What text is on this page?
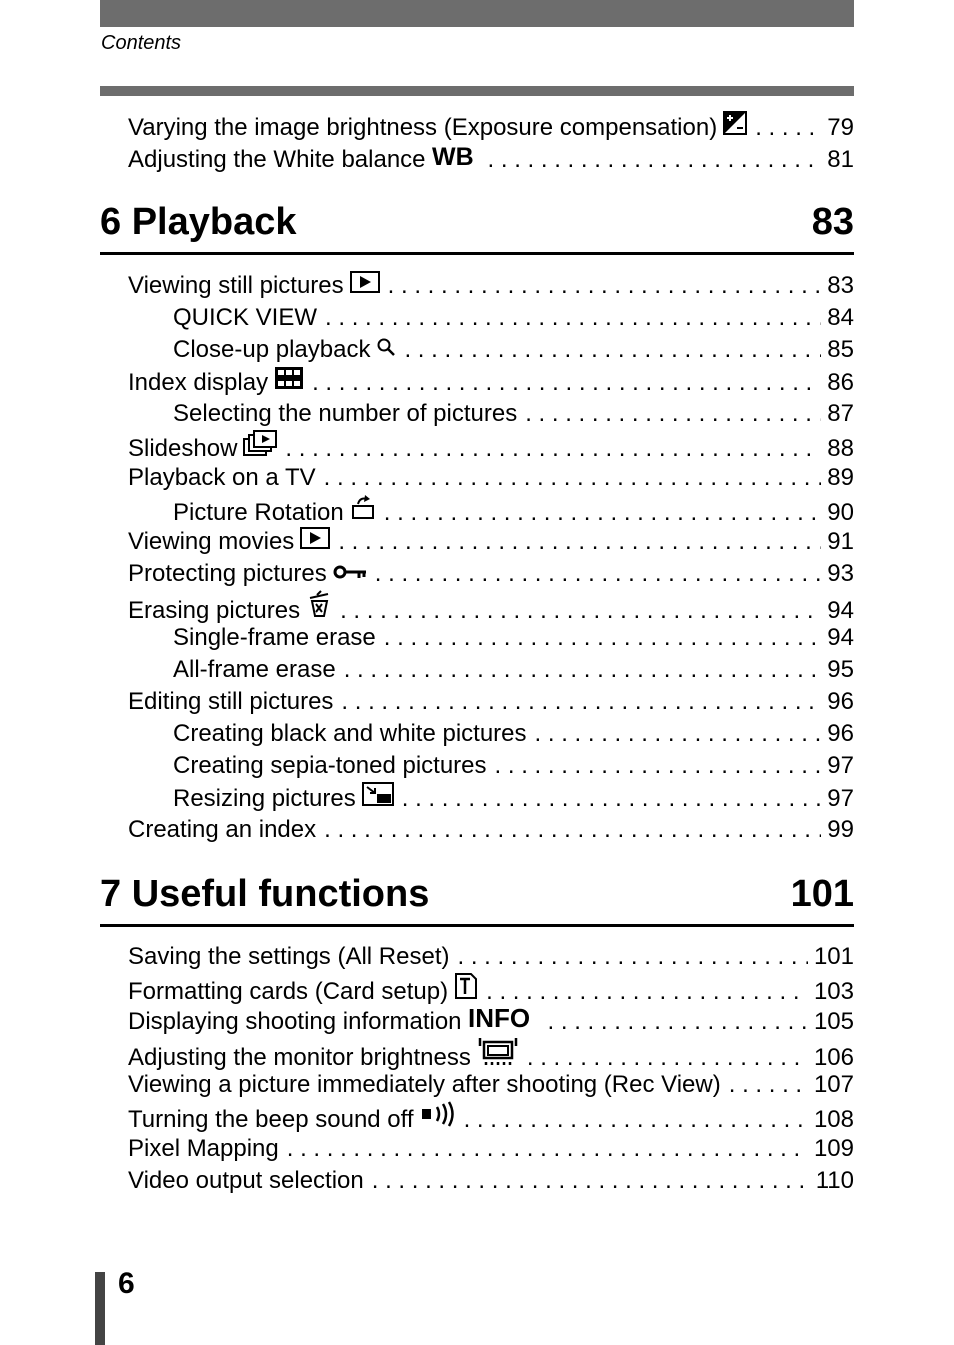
Contents
Varying the image brightness (Exposure compensation) . . .	79
Adjusting the White balance WB . . .	81
6 Playback	83
Viewing still pictures . . .	83
QUICK VIEW . . .	84
Close-up playback . . .	85
Index display . . .	86
Selecting the number of pictures . . .	87
Slideshow . . .	88
Playback on a TV . . .	89
Picture Rotation . . .	90
Viewing movies . . .	91
Protecting pictures . . .	93
Erasing pictures . . .	94
Single-frame erase . . .	94
All-frame erase . . .	95
Editing still pictures . . .	96
Creating black and white pictures . . .	96
Creating sepia-toned pictures . . .	97
Resizing pictures . . .	97
Creating an index . . .	99
7 Useful functions	101
Saving the settings (All Reset) . . .	101
Formatting cards (Card setup) . . .	103
Displaying shooting information INFO . . .	105
Adjusting the monitor brightness . . .	106
Viewing a picture immediately after shooting (Rec View) . . .	107
Turning the beep sound off . . .	108
Pixel Mapping . . .	109
Video output selection . . .	110
6
